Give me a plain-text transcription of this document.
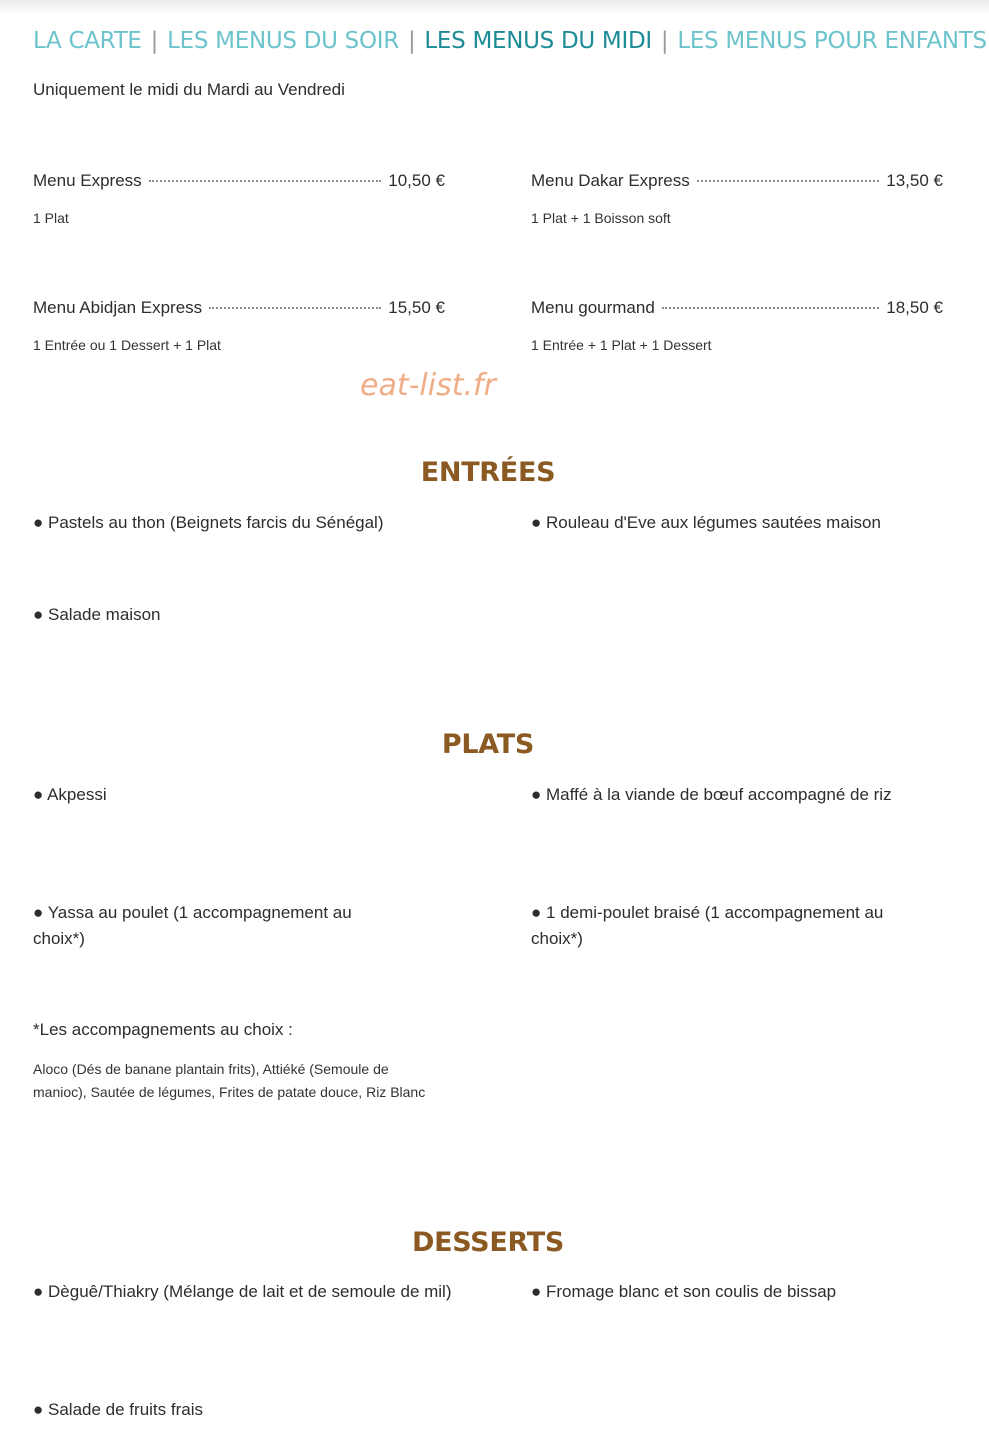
LA CARTE | LES MENUS DU SOIR | LES MENUS DU MIDI | LES MENUS POUR ENFANTS
Uniquement le midi du Mardi au Vendredi
Menu Express	10,50 €
1 Plat
Menu Dakar Express	13,50 €
1 Plat + 1 Boisson soft
Menu Abidjan Express	15,50 €
1 Entrée ou 1 Dessert + 1 Plat
Menu gourmand	18,50 €
1 Entrée + 1 Plat + 1 Dessert
eat-list.fr
ENTRÉES
● Pastels au thon (Beignets farcis du Sénégal)	● Rouleau d'Eve aux légumes sautées maison
● Salade maison
PLATS
● Akpessi	● Maffé à la viande de bœuf accompagné de riz
● Yassa au poulet (1 accompagnement au choix*)
● 1 demi-poulet braisé (1 accompagnement au choix*)
*Les accompagnements au choix :
Aloco (Dés de banane plantain frits), Attiéké (Semoule de manioc), Sautée de légumes, Frites de patate douce, Riz Blanc
DESSERTS
● Dèguê/Thiakry (Mélange de lait et de semoule de mil)	● Fromage blanc et son coulis de bissap
● Salade de fruits frais
